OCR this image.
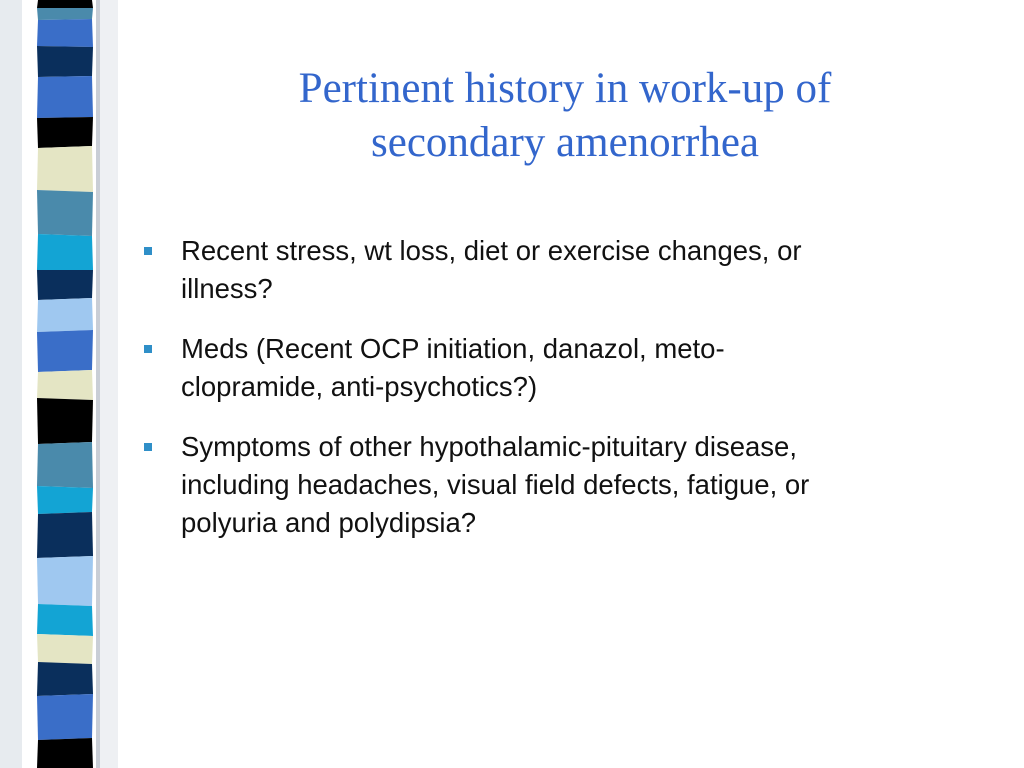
Pertinent history in work-up of
secondary amenorrhea
Recent stress, wt loss, diet or exercise changes, or
illness?
Meds (Recent OCP initiation, danazol, meto-
clopramide, anti-psychotics?)
Symptoms of other hypothalamic-pituitary disease,
including headaches, visual field defects, fatigue, or
polyuria and polydipsia?
